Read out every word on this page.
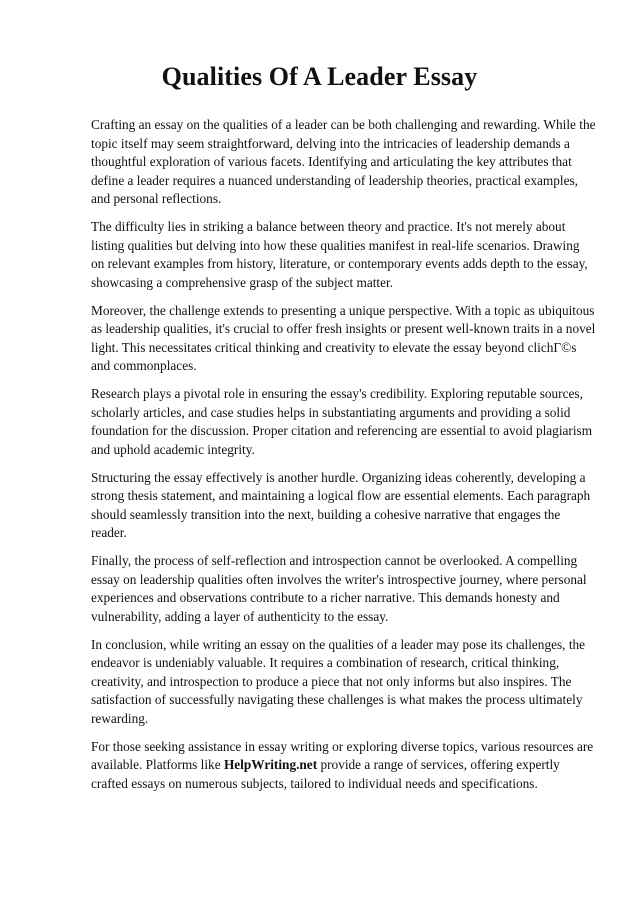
Qualities Of A Leader Essay

Crafting an essay on the qualities of a leader can be both challenging and rewarding. While the topic itself may seem straightforward, delving into the intricacies of leadership demands a thoughtful exploration of various facets. Identifying and articulating the key attributes that define a leader requires a nuanced understanding of leadership theories, practical examples, and personal reflections.

The difficulty lies in striking a balance between theory and practice. It's not merely about listing qualities but delving into how these qualities manifest in real-life scenarios. Drawing on relevant examples from history, literature, or contemporary events adds depth to the essay, showcasing a comprehensive grasp of the subject matter.

Moreover, the challenge extends to presenting a unique perspective. With a topic as ubiquitous as leadership qualities, it's crucial to offer fresh insights or present well-known traits in a novel light. This necessitates critical thinking and creativity to elevate the essay beyond clichГ©s and commonplaces.

Research plays a pivotal role in ensuring the essay's credibility. Exploring reputable sources, scholarly articles, and case studies helps in substantiating arguments and providing a solid foundation for the discussion. Proper citation and referencing are essential to avoid plagiarism and uphold academic integrity.

Structuring the essay effectively is another hurdle. Organizing ideas coherently, developing a strong thesis statement, and maintaining a logical flow are essential elements. Each paragraph should seamlessly transition into the next, building a cohesive narrative that engages the reader.

Finally, the process of self-reflection and introspection cannot be overlooked. A compelling essay on leadership qualities often involves the writer's introspective journey, where personal experiences and observations contribute to a richer narrative. This demands honesty and vulnerability, adding a layer of authenticity to the essay.

In conclusion, while writing an essay on the qualities of a leader may pose its challenges, the endeavor is undeniably valuable. It requires a combination of research, critical thinking, creativity, and introspection to produce a piece that not only informs but also inspires. The satisfaction of successfully navigating these challenges is what makes the process ultimately rewarding.

For those seeking assistance in essay writing or exploring diverse topics, various resources are available. Platforms like HelpWriting.net provide a range of services, offering expertly crafted essays on numerous subjects, tailored to individual needs and specifications.
